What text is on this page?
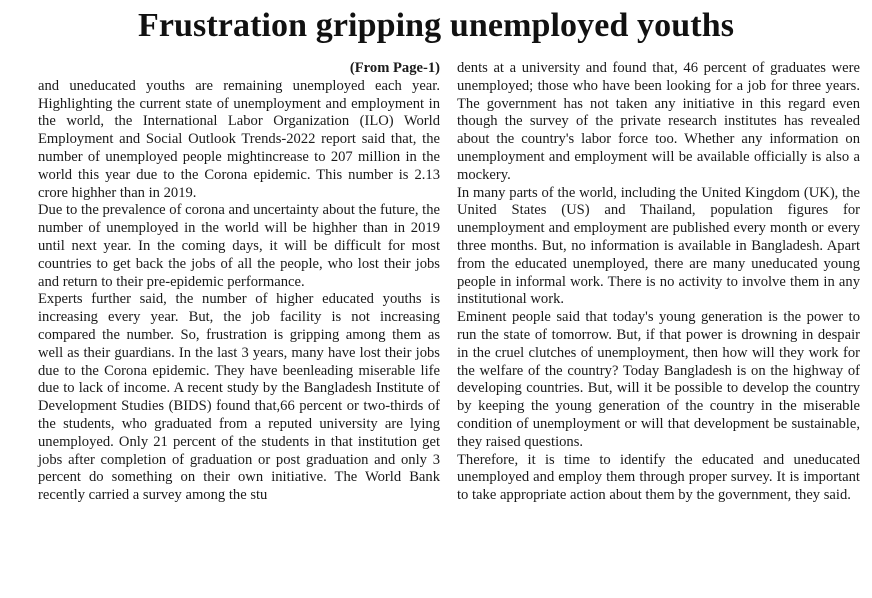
Frustration gripping unemployed youths
(From Page-1)

and uneducated youths are remaining unemployed each year. Highlighting the current state of unemployment and employment in the world, the International Labor Organization (ILO) World Employment and Social Outlook Trends-2022 report said that, the number of unemployed people mightincrease to 207 million in the world this year due to the Corona epidemic. This number is 2.13 crore highher than in 2019.

Due to the prevalence of corona and uncertainty about the future, the number of unemployed in the world will be highher than in 2019 until next year. In the coming days, it will be difficult for most countries to get back the jobs of all the people, who lost their jobs and return to their pre-epidemic performance.

Experts further said, the number of higher educated youths is increasing every year. But, the job facility is not increasing compared the number. So, frustration is gripping among them as well as their guardians. In the last 3 years, many have lost their jobs due to the Corona epidemic. They have beenleading miserable life due to lack of income. A recent study by the Bangladesh Institute of Development Studies (BIDS) found that,66 percent or two-thirds of the students, who graduated from a reputed university are lying unemployed. Only 21 percent of the students in that institution get jobs after completion of graduation or post graduation and only 3 percent do something on their own initiative. The World Bank recently carried a survey among the stu

dents at a university and found that, 46 percent of graduates were unemployed; those who have been looking for a job for three years. The government has not taken any initiative in this regard even though the survey of the private research institutes has revealed about the country's labor force too. Whether any information on unemployment and employment will be available officially is also a mockery.

In many parts of the world, including the United Kingdom (UK), the United States (US) and Thailand, population figures for unemployment and employment are published every month or every three months. But, no information is available in Bangladesh. Apart from the educated unemployed, there are many uneducated young people in informal work. There is no activity to involve them in any institutional work.

Eminent people said that today's young generation is the power to run the state of tomorrow. But, if that power is drowning in despair in the cruel clutches of unemployment, then how will they work for the welfare of the country? Today Bangladesh is on the highway of developing countries. But, will it be possible to develop the country by keeping the young generation of the country in the miserable condition of unemployment or will that development be sustainable, they raised questions.

Therefore, it is time to identify the educated and uneducated unemployed and employ them through proper survey. It is important to take appropriate action about them by the government, they said.
